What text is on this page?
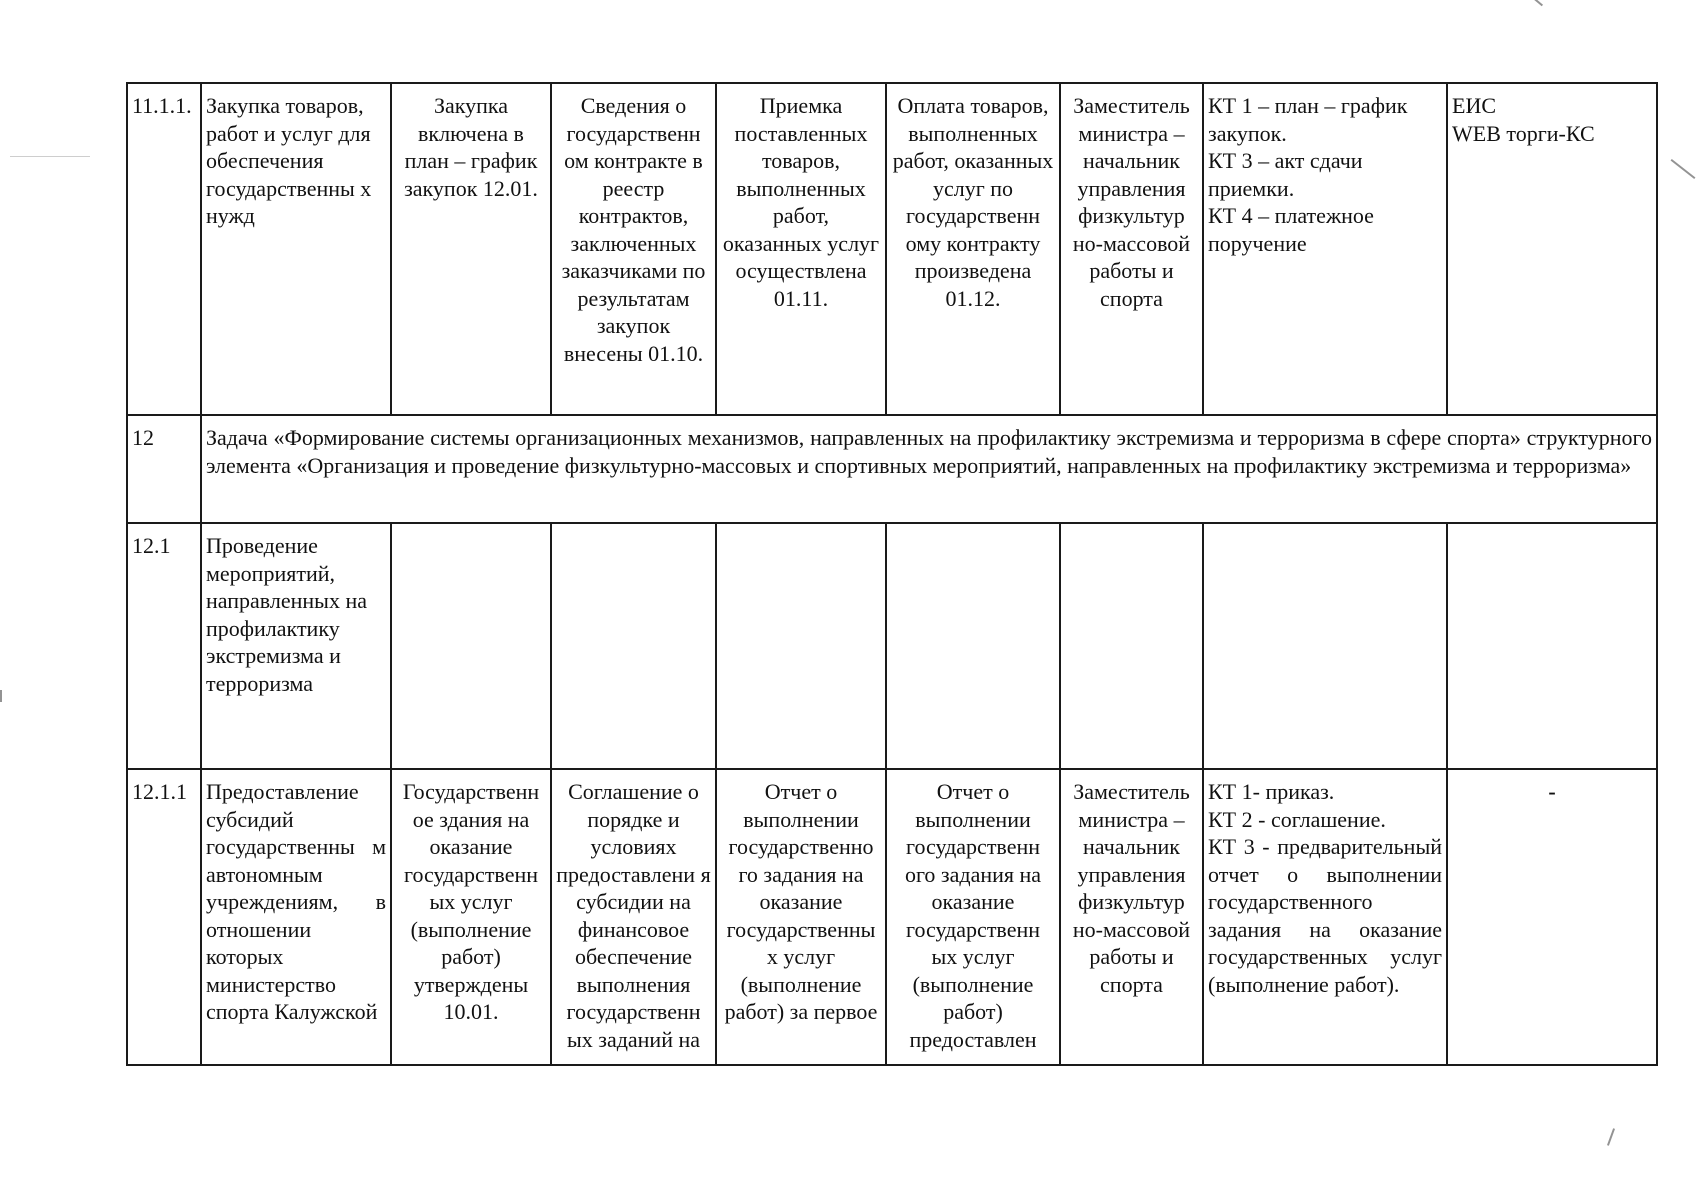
11.1.1.	Закупка товаров, работ и услуг для обеспечения государственны х нужд	Закупка включена в план – график закупок 12.01.	Сведения о государственн ом контракте в реестр контрактов, заключенных заказчиками по результатам закупок внесены 01.10.	Приемка поставленных товаров, выполненных работ, оказанных услуг осуществлена 01.11.	Оплата товаров, выполненных работ, оказанных услуг по государственн ому контракту произведена 01.12.	Заместитель министра – начальник управления физкультур но-массовой работы и спорта	КТ 1 – план – график закупок.
КТ 3 – акт сдачи приемки.
КТ 4 – платежное поручение	ЕИС
WEB торги-КС
12	Задача «Формирование системы организационных механизмов, направленных на профилактику экстремизма и терроризма в сфере спорта» структурного элемента «Организация и проведение физкультурно-массовых и спортивных мероприятий, направленных на профилактику экстремизма и терроризма»							
12.1	Проведение мероприятий, направленных на профилактику экстремизма и терроризма							
12.1.1	Предоставление субсидий государственны м автономным учреждениям, в отношении которых министерство спорта Калужской	Государственн ое здания на оказание государственн ых услуг (выполнение работ) утверждены 10.01.	Соглашение о порядке и условиях предоставлени я субсидии на финансовое обеспечение выполнения государственн ых заданий на	Отчет о выполнении государственно го задания на оказание государственны х услуг (выполнение работ) за первое	Отчет о выполнении государственн ого задания на оказание государственн ых услуг (выполнение работ) предоставлен	Заместитель министра – начальник управления физкультур но-массовой работы и спорта	КТ 1- приказ.
КТ 2 - соглашение.
КТ 3 - предварительный отчет о выполнении государственного задания на оказание государственных услуг (выполнение работ).	-
